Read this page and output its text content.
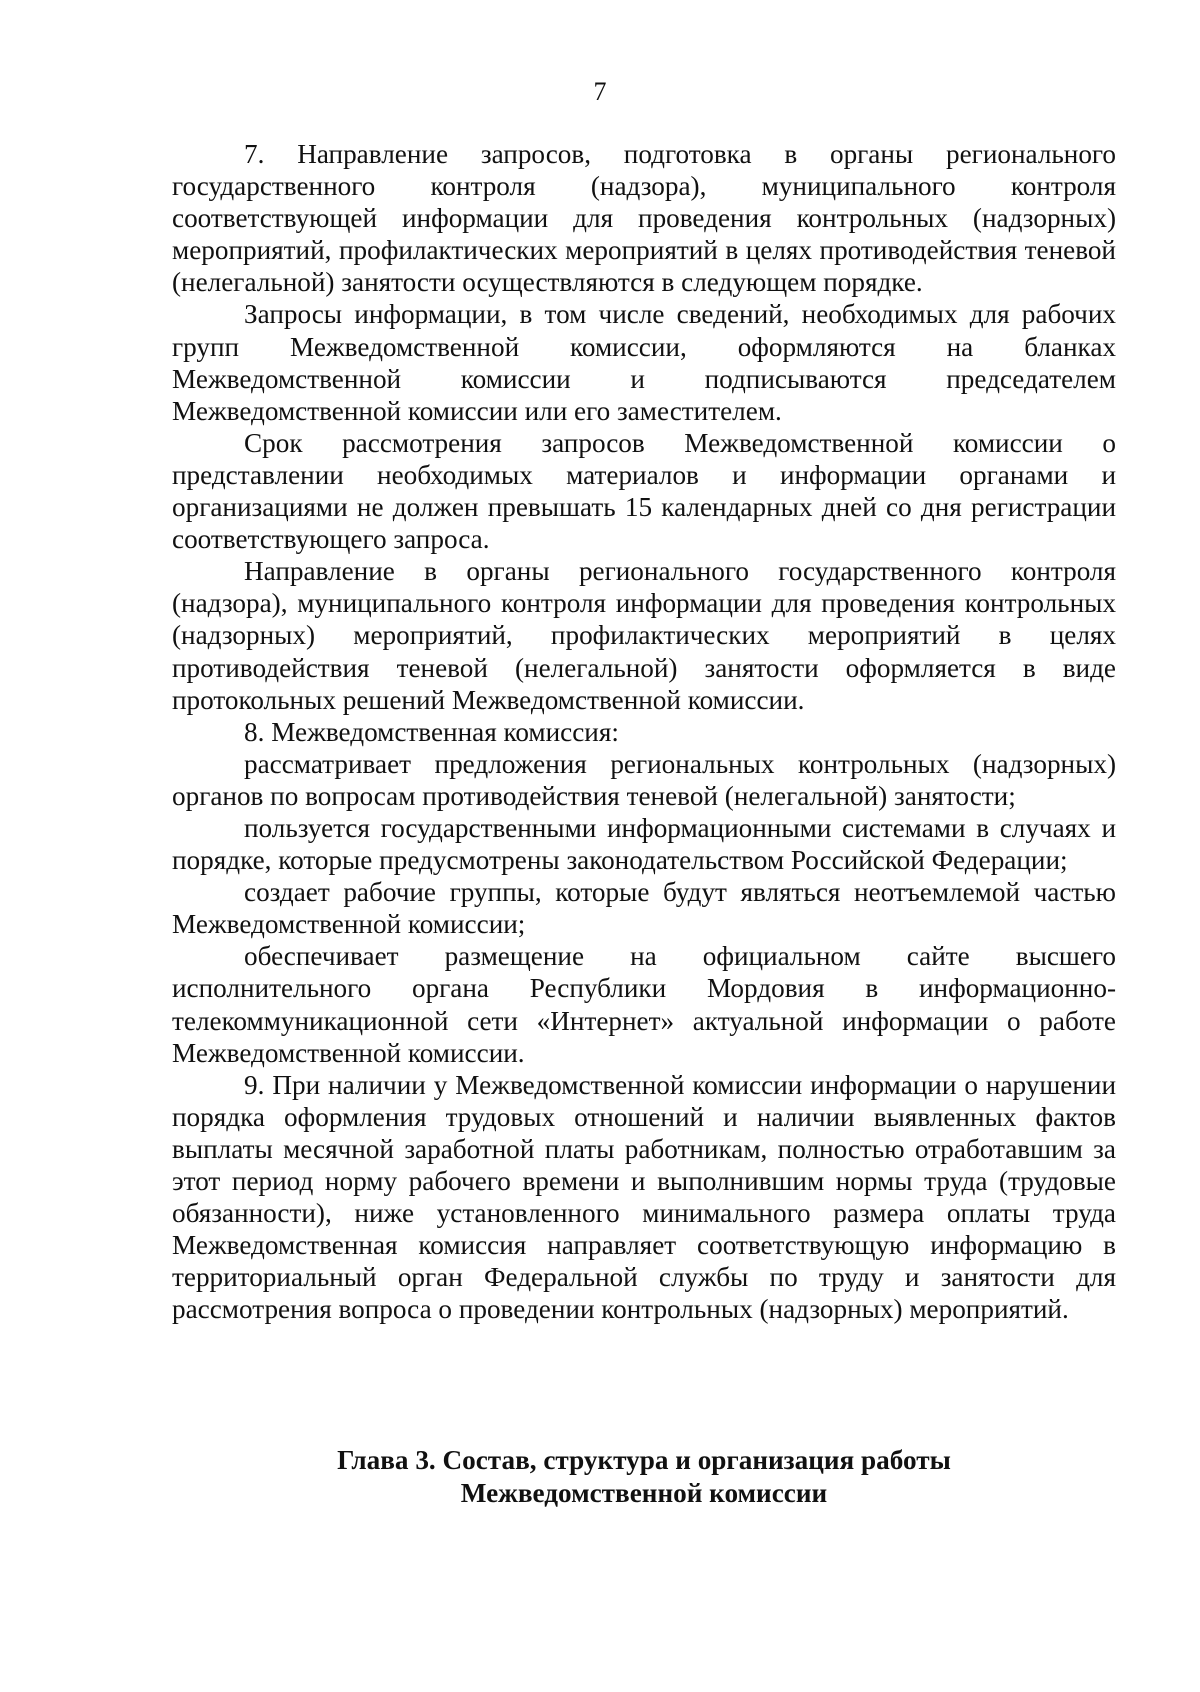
7

7. Направление запросов, подготовка в органы регионального государственного контроля (надзора), муниципального контроля соответствующей информации для проведения контрольных (надзорных) мероприятий, профилактических мероприятий в целях противодействия теневой (нелегальной) занятости осуществляются в следующем порядке.

Запросы информации, в том числе сведений, необходимых для рабочих групп Межведомственной комиссии, оформляются на бланках Межведомственной комиссии и подписываются председателем Межведомственной комиссии или его заместителем.

Срок рассмотрения запросов Межведомственной комиссии о представлении необходимых материалов и информации органами и организациями не должен превышать 15 календарных дней со дня регистрации соответствующего запроса.

Направление в органы регионального государственного контроля (надзора), муниципального контроля информации для проведения контрольных (надзорных) мероприятий, профилактических мероприятий в целях противодействия теневой (нелегальной) занятости оформляется в виде протокольных решений Межведомственной комиссии.

8. Межведомственная комиссия:

рассматривает предложения региональных контрольных (надзорных) органов по вопросам противодействия теневой (нелегальной) занятости;

пользуется государственными информационными системами в случаях и порядке, которые предусмотрены законодательством Российской Федерации;

создает рабочие группы, которые будут являться неотъемлемой частью Межведомственной комиссии;

обеспечивает размещение на официальном сайте высшего исполнительного органа Республики Мордовия в информационно-телекоммуникационной сети «Интернет» актуальной информации о работе Межведомственной комиссии.

9. При наличии у Межведомственной комиссии информации о нарушении порядка оформления трудовых отношений и наличии выявленных фактов выплаты месячной заработной платы работникам, полностью отработавшим за этот период норму рабочего времени и выполнившим нормы труда (трудовые обязанности), ниже установленного минимального размера оплаты труда Межведомственная комиссия направляет соответствующую информацию в территориальный орган Федеральной службы по труду и занятости для рассмотрения вопроса о проведении контрольных (надзорных) мероприятий.

Глава 3. Состав, структура и организация работы
Межведомственной комиссии
